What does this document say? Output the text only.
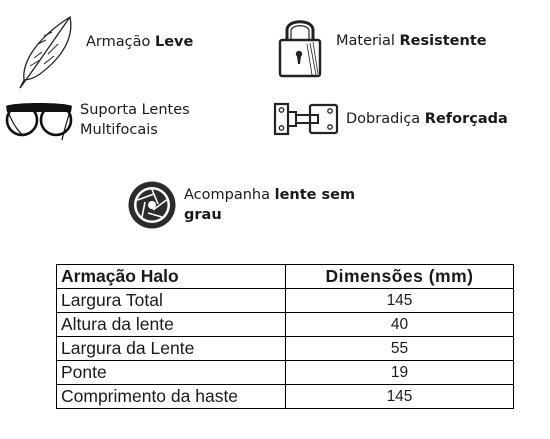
Armação Leve	Material Resistente
Suporta Lentes
Multifocais
Dobradiça Reforçada
Acompanha lente sem
grau
Armação Halo	Dimensões (mm)
Largura Total	145
Altura da lente	40
Largura da Lente	55
Ponte	19
Comprimento da haste	145
